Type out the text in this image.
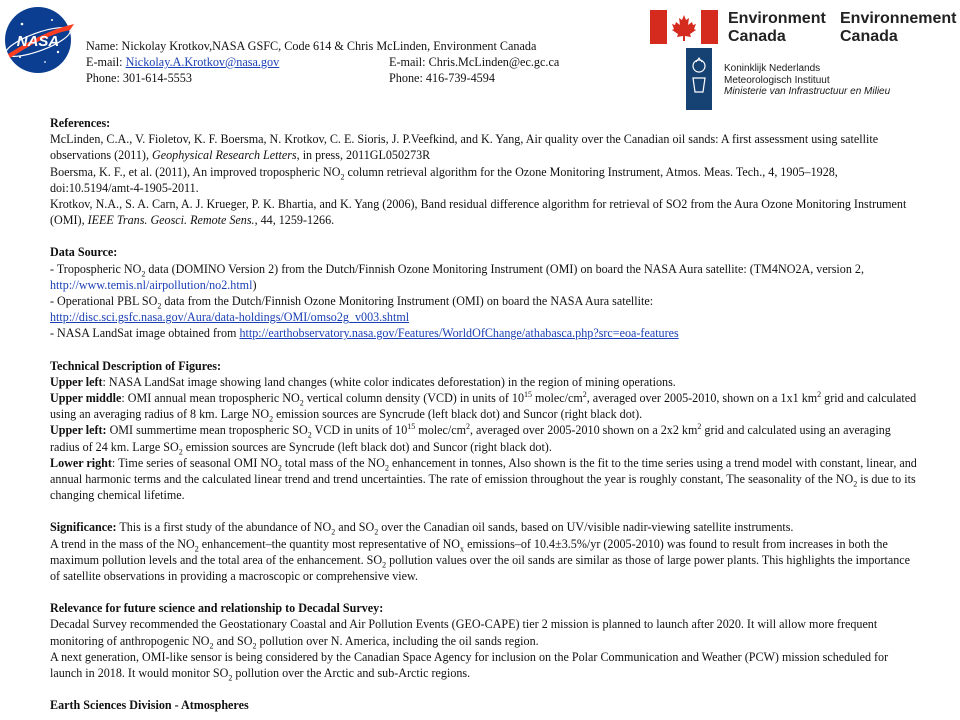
NASA Name: Nickolay Krotkov,NASA GSFC, Code 614 & Chris McLinden, Environment Canada
E-mail: Nickolay.A.Krotkov@nasa.gov	E-mail: Chris.McLinden@ec.gc.ca
Phone: 301-614-5553	Phone: 416-739-4594
Environment
Canada
Environnement
Canada
Koninklijk Nederlands
Meteorologisch Instituut
Ministerie van Infrastructuur en Milieu

References:

McLinden, C.A., V. Fioletov, K. F. Boersma, N. Krotkov, C. E. Sioris, J. P.Veefkind, and K. Yang, Air quality over the Canadian oil sands: A first assessment using satellite observations (2011), Geophysical Research Letters, in press, 2011GL050273R

Boersma, K. F., et al. (2011), An improved tropospheric $NO_2$ column retrieval algorithm for the Ozone Monitoring Instrument, Atmos. Meas. Tech., 4, 1905–1928, doi:10.5194/amt-4-1905-2011.

Krotkov, N.A., S. A. Carn, A. J. Krueger, P. K. Bhartia, and K. Yang (2006), Band residual difference algorithm for retrieval of SO2 from the Aura Ozone Monitoring Instrument (OMI), IEEE Trans. Geosci. Remote Sens., 44, 1259-1266.

Data Source:

- Tropospheric $NO_2$ data (DOMINO Version 2) from the Dutch/Finnish Ozone Monitoring Instrument (OMI) on board the NASA Aura satellite: (TM4NO2A, version 2, http://www.temis.nl/airpollution/no2.html)

- Operational PBL $SO_2$ data from the Dutch/Finnish Ozone Monitoring Instrument (OMI) on board the NASA Aura satellite:
http://disc.sci.gsfc.nasa.gov/Aura/data-holdings/OMI/omso2g_v003.shtml

- NASA LandSat image obtained from http://earthobservatory.nasa.gov/Features/WorldOfChange/athabasca.php?src=eoa-features

Technical Description of Figures:

Upper left: NASA LandSat image showing land changes (white color indicates deforestation) in the region of mining operations.

Upper middle: OMI annual mean tropospheric $NO_2$ vertical column density (VCD) in units of $10^{15}$ molec/$cm^2$, averaged over 2005-2010, shown on a 1x1 $km^2$ grid and calculated using an averaging radius of 8 km. Large $NO_2$ emission sources are Syncrude (left black dot) and Suncor (right black dot).

Upper left: OMI summertime mean tropospheric $SO_2$ VCD in units of $10^{15}$ molec/$cm^2$, averaged over 2005-2010 shown on a 2x2 $km^2$ grid and calculated using an averaging radius of 24 km. Large $SO_2$ emission sources are Syncrude (left black dot) and Suncor (right black dot).

Lower right: Time series of seasonal OMI $NO_2$ total mass of the $NO_2$ enhancement in tonnes, Also shown is the fit to the time series using a trend model with constant, linear, and annual harmonic terms and the calculated linear trend and trend uncertainties. The rate of emission throughout the year is roughly constant, The seasonality of the $NO_2$ is due to its changing chemical lifetime.

Significance: This is a first study of the abundance of $NO_2$ and $SO_2$ over the Canadian oil sands, based on UV/visible nadir-viewing satellite instruments.

A trend in the mass of the $NO_2$ enhancement–the quantity most representative of $NO_x$ emissions–of 10.4±3.5%/yr (2005-2010) was found to result from increases in both the maximum pollution levels and the total area of the enhancement. $SO_2$ pollution values over the oil sands are similar as those of large power plants. This highlights the importance of satellite observations in providing a macroscopic or comprehensive view.

Relevance for future science and relationship to Decadal Survey:

Decadal Survey recommended the Geostationary Coastal and Air Pollution Events (GEO-CAPE) tier 2 mission is planned to launch after 2020. It will allow more frequent monitoring of anthropogenic $NO_2$ and $SO_2$ pollution over N. America, including the oil sands region.

A next generation, OMI-like sensor is being considered by the Canadian Space Agency for inclusion on the Polar Communication and Weather (PCW) mission scheduled for launch in 2018. It would monitor $SO_2$ pollution over the Arctic and sub-Arctic regions.

Earth Sciences Division - Atmospheres
